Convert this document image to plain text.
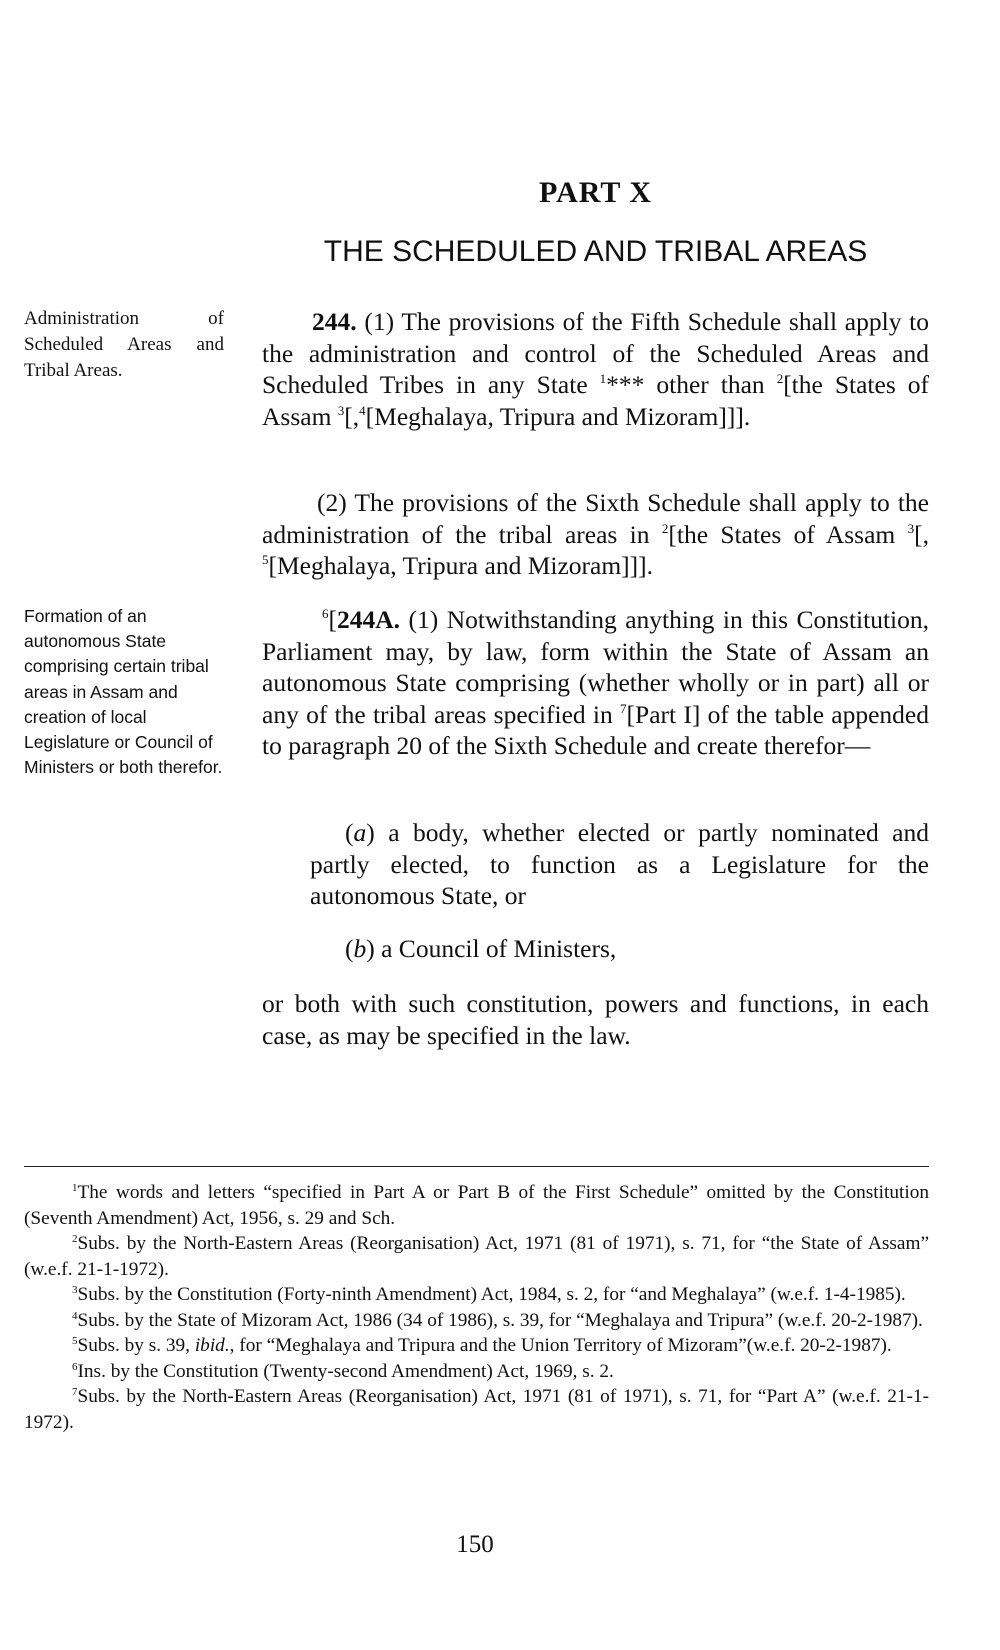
PART X
THE SCHEDULED AND TRIBAL AREAS
Administration of Scheduled Areas and Tribal Areas.
Formation of an autonomous State comprising certain tribal areas in Assam and creation of local Legislature or Council of Ministers or both therefor.

244. (1) The provisions of the Fifth Schedule shall apply to the administration and control of the Scheduled Areas and Scheduled Tribes in any State $^1$*** other than $^2$[the States of Assam $^3$[,$^4$[Meghalaya, Tripura and Mizoram]]].

(2) The provisions of the Sixth Schedule shall apply to the administration of the tribal areas in $^2$[the States of Assam $^3$[, $^5$[Meghalaya, Tripura and Mizoram]]].

$^6$[244A. (1) Notwithstanding anything in this Constitution, Parliament may, by law, form within the State of Assam an autonomous State comprising (whether wholly or in part) all or any of the tribal areas specified in $^7$[Part I] of the table appended to paragraph 20 of the Sixth Schedule and create therefor—

(a) a body, whether elected or partly nominated and partly elected, to function as a Legislature for the autonomous State, or

(b) a Council of Ministers,

or both with such constitution, powers and functions, in each case, as may be specified in the law.

$^1$The words and letters “specified in Part A or Part B of the First Schedule” omitted by the Constitution (Seventh Amendment) Act, 1956, s. 29 and Sch.

$^2$Subs. by the North-Eastern Areas (Reorganisation) Act, 1971 (81 of 1971), s. 71, for “the State of Assam” (w.e.f. 21-1-1972).

$^3$Subs. by the Constitution (Forty-ninth Amendment) Act, 1984, s. 2, for “and Meghalaya” (w.e.f. 1-4-1985).

$^4$Subs. by the State of Mizoram Act, 1986 (34 of 1986), s. 39, for “Meghalaya and Tripura” (w.e.f. 20-2-1987).

$^5$Subs. by s. 39, ibid., for “Meghalaya and Tripura and the Union Territory of Mizoram”(w.e.f. 20-2-1987).

$^6$Ins. by the Constitution (Twenty-second Amendment) Act, 1969, s. 2.

$^7$Subs. by the North-Eastern Areas (Reorganisation) Act, 1971 (81 of 1971), s. 71, for “Part A” (w.e.f. 21-1-1972).

150
